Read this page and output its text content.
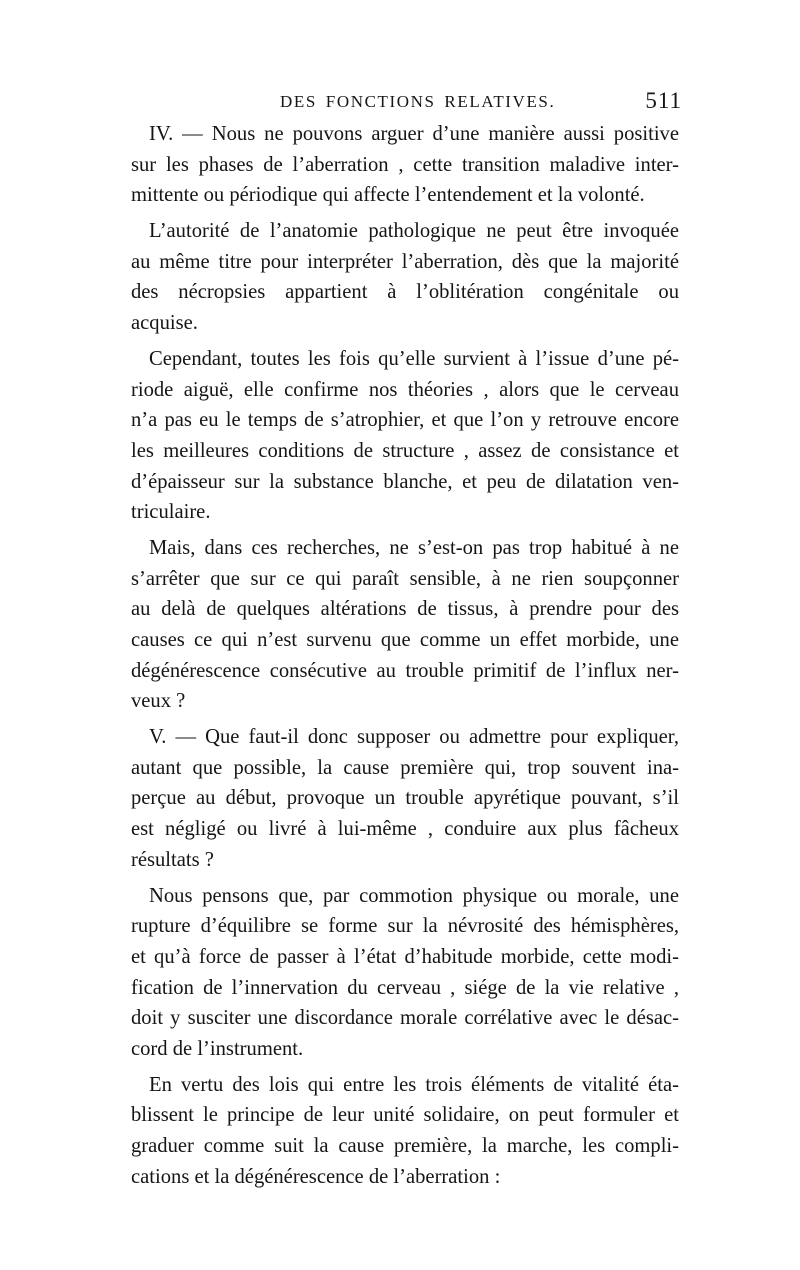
DES FONCTIONS RELATIVES.	511
IV. — Nous ne pouvons arguer d’une manière aussi positive
sur les phases de l’aberration , cette transition maladive inter-
mittente ou périodique qui affecte l’entendement et la volonté.
L’autorité de l’anatomie pathologique ne peut être invoquée
au même titre pour interpréter l’aberration, dès que la majorité
des nécropsies appartient à l’oblitération congénitale ou
acquise.
Cependant, toutes les fois qu’elle survient à l’issue d’une pé-
riode aiguë, elle confirme nos théories , alors que le cerveau
n’a pas eu le temps de s’atrophier, et que l’on y retrouve encore
les meilleures conditions de structure , assez de consistance et
d’épaisseur sur la substance blanche, et peu de dilatation ven-
triculaire.
Mais, dans ces recherches, ne s’est-on pas trop habitué à ne
s’arrêter que sur ce qui paraît sensible, à ne rien soupçonner
au delà de quelques altérations de tissus, à prendre pour des
causes ce qui n’est survenu que comme un effet morbide, une
dégénérescence consécutive au trouble primitif de l’influx ner-
veux ?
V. — Que faut-il donc supposer ou admettre pour expliquer,
autant que possible, la cause première qui, trop souvent ina-
perçue au début, provoque un trouble apyrétique pouvant, s’il
est négligé ou livré à lui-même , conduire aux plus fâcheux
résultats ?
Nous pensons que, par commotion physique ou morale, une
rupture d’équilibre se forme sur la névrosité des hémisphères,
et qu’à force de passer à l’état d’habitude morbide, cette modi-
fication de l’innervation du cerveau , siége de la vie relative ,
doit y susciter une discordance morale corrélative avec le désac-
cord de l’instrument.
En vertu des lois qui entre les trois éléments de vitalité éta-
blissent le principe de leur unité solidaire, on peut formuler et
graduer comme suit la cause première, la marche, les compli-
cations et la dégénérescence de l’aberration :
